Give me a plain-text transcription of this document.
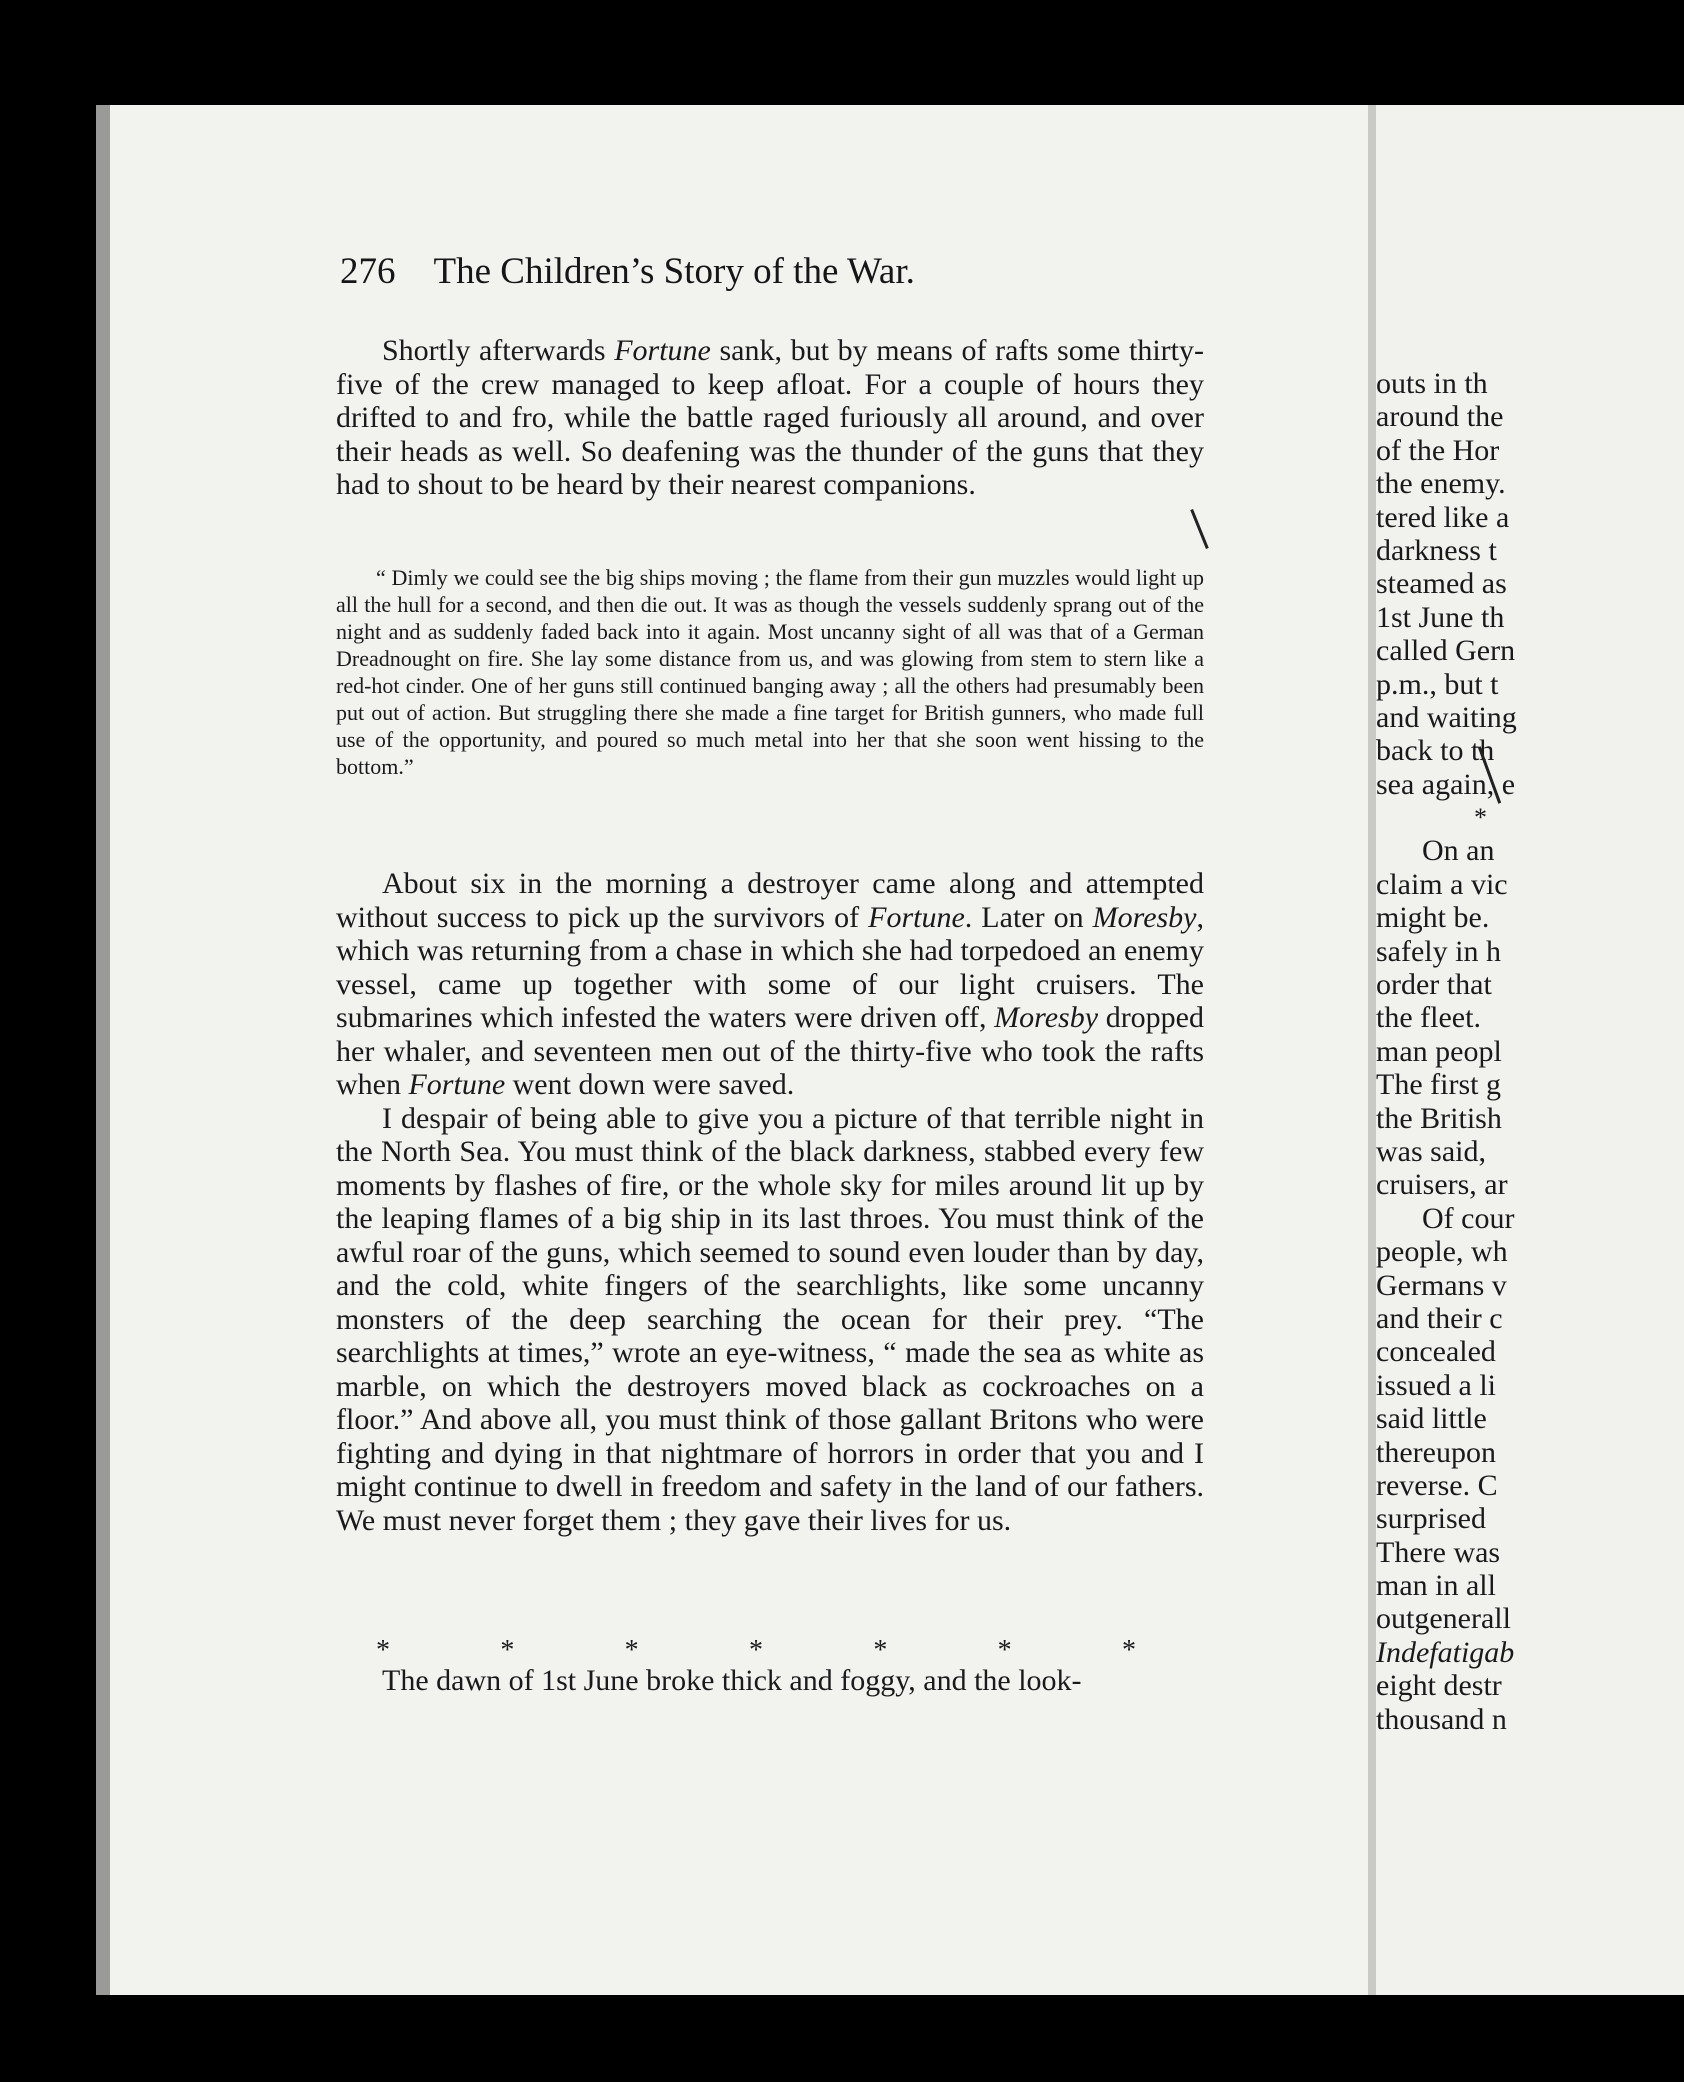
outs in th
around the
of the Hor
the enemy.
tered like a
darkness t
steamed as
1st June th
called Gern
p.m., but t
and waiting
back to th
sea again, e
*
On an
claim a vic
might be.
safely in h
order that
the fleet.
man peopl
The first g
the British
was said,
cruisers, ar
Of cour
people, wh
Germans v
and their c
concealed
issued a li
said little
thereupon
reverse. C
surprised
There was
man in all
outgenerall
Indefatigab
eight destr
thousand n
276 The Children’s Story of the War.

Shortly afterwards Fortune sank, but by means of rafts some thirty-five of the crew managed to keep afloat. For a couple of hours they drifted to and fro, while the battle raged furiously all around, and over their heads as well. So deafening was the thunder of the guns that they had to shout to be heard by their nearest companions.

“ Dimly we could see the big ships moving ; the flame from their gun muzzles would light up all the hull for a second, and then die out. It was as though the vessels suddenly sprang out of the night and as suddenly faded back into it again. Most uncanny sight of all was that of a German Dreadnought on fire. She lay some distance from us, and was glowing from stem to stern like a red-hot cinder. One of her guns still continued banging away ; all the others had presumably been put out of action. But struggling there she made a fine target for British gunners, who made full use of the opportunity, and poured so much metal into her that she soon went hissing to the bottom.”

About six in the morning a destroyer came along and attempted without success to pick up the survivors of Fortune. Later on Moresby, which was returning from a chase in which she had torpedoed an enemy vessel, came up together with some of our light cruisers. The submarines which infested the waters were driven off, Moresby dropped her whaler, and seventeen men out of the thirty-five who took the rafts when Fortune went down were saved.

I despair of being able to give you a picture of that terrible night in the North Sea. You must think of the black darkness, stabbed every few moments by flashes of fire, or the whole sky for miles around lit up by the leaping flames of a big ship in its last throes. You must think of the awful roar of the guns, which seemed to sound even louder than by day, and the cold, white fingers of the searchlights, like some uncanny monsters of the deep searching the ocean for their prey. “The searchlights at times,” wrote an eye-witness, “ made the sea as white as marble, on which the destroyers moved black as cockroaches on a floor.” And above all, you must think of those gallant Britons who were fighting and dying in that nightmare of horrors in order that you and I might continue to dwell in freedom and safety in the land of our fathers. We must never forget them ; they gave their lives for us.

*	*	*	*	*	*	*

The dawn of 1st June broke thick and foggy, and the look-
